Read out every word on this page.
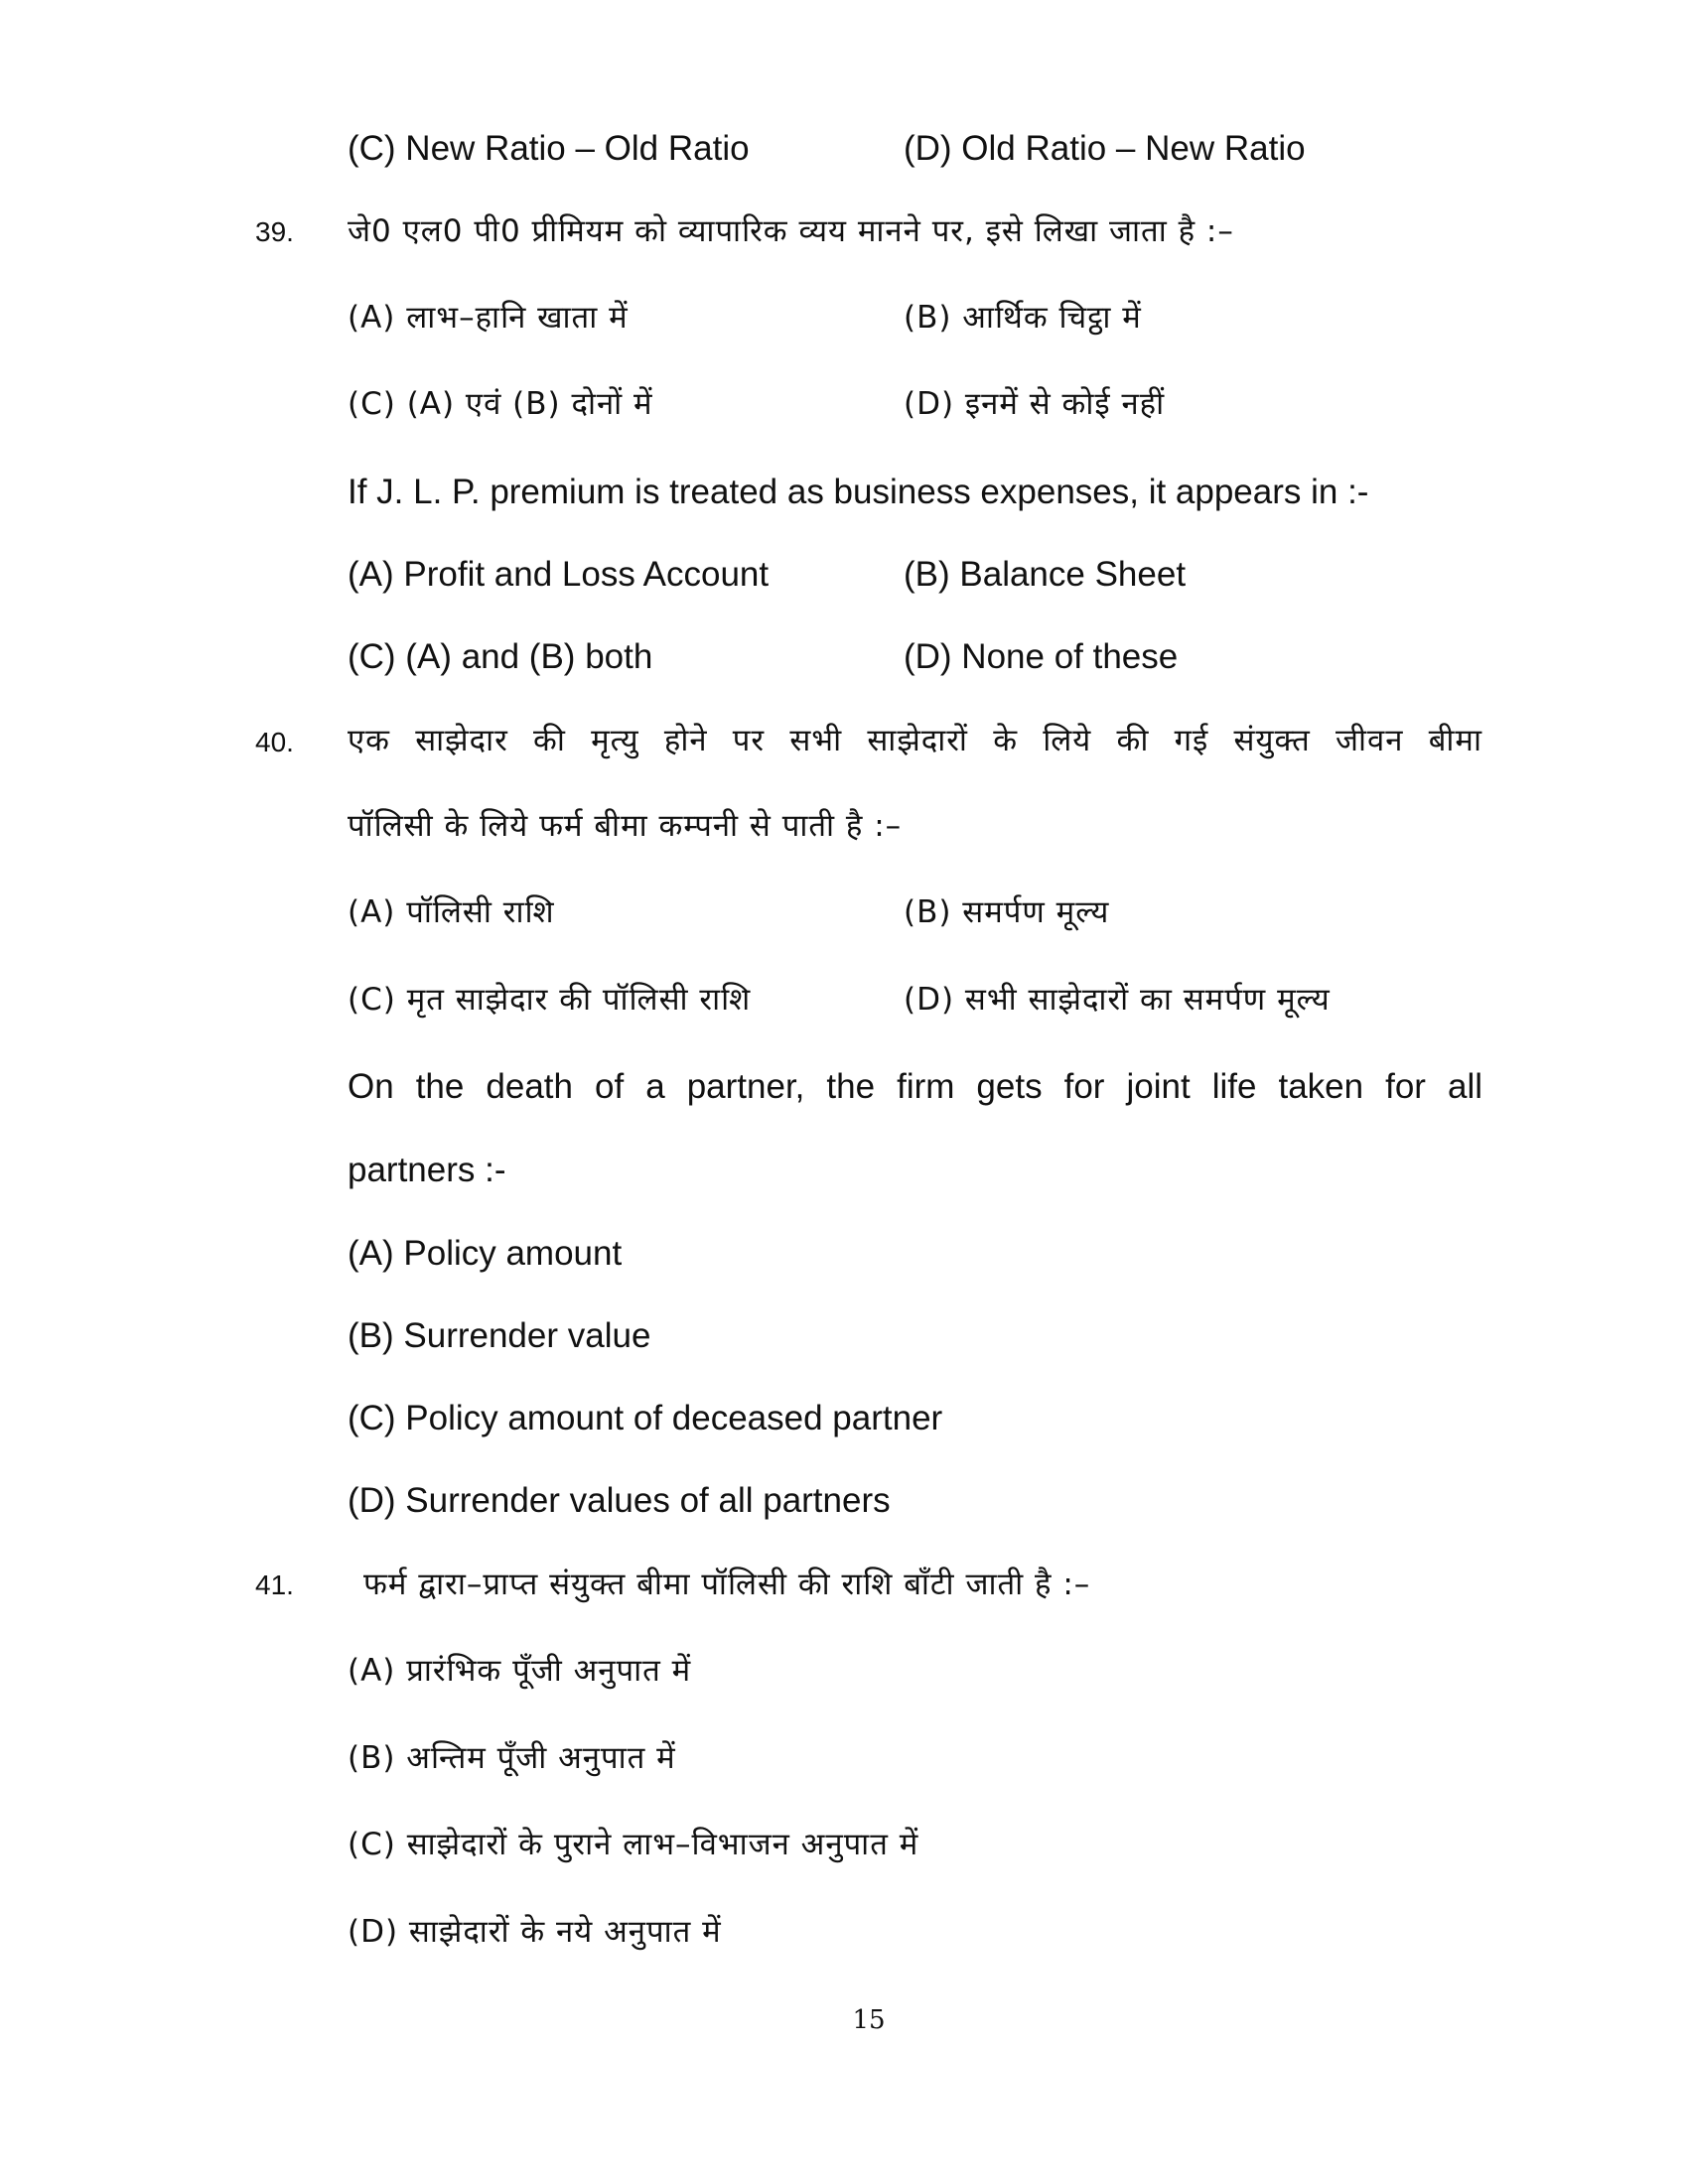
(C) New Ratio – Old Ratio	(D) Old Ratio – New Ratio
39. जे0 एल0 पी0 प्रीमियम को व्यापारिक व्यय मानने पर, इसे लिखा जाता है :–
(A) लाभ–हानि खाता में	(B) आर्थिक चिट्ठा में
(C) (A) एवं (B) दोनों में	(D) इनमें से कोई नहीं
If J. L. P. premium is treated as business expenses, it appears in :-
(A) Profit and Loss Account	(B) Balance Sheet
(C) (A) and (B) both	(D) None of these
40. एक साझेदार की मृत्यु होने पर सभी साझेदारों के लिये की गई संयुक्त जीवन बीमा
पॉलिसी के लिये फर्म बीमा कम्पनी से पाती है :–
(A) पॉलिसी राशि	(B) समर्पण मूल्य
(C) मृत साझेदार की पॉलिसी राशि	(D) सभी साझेदारों का समर्पण मूल्य
On the death of a partner, the firm gets for joint life taken for all
partners :-
(A) Policy amount
(B) Surrender value
(C) Policy amount of deceased partner
(D) Surrender values of all partners
41. फर्म द्वारा–प्राप्त संयुक्त बीमा पॉलिसी की राशि बाँटी जाती है :–
(A) प्रारंभिक पूँजी अनुपात में
(B) अन्तिम पूँजी अनुपात में
(C) साझेदारों के पुराने लाभ–विभाजन अनुपात में
(D) साझेदारों के नये अनुपात में
15
